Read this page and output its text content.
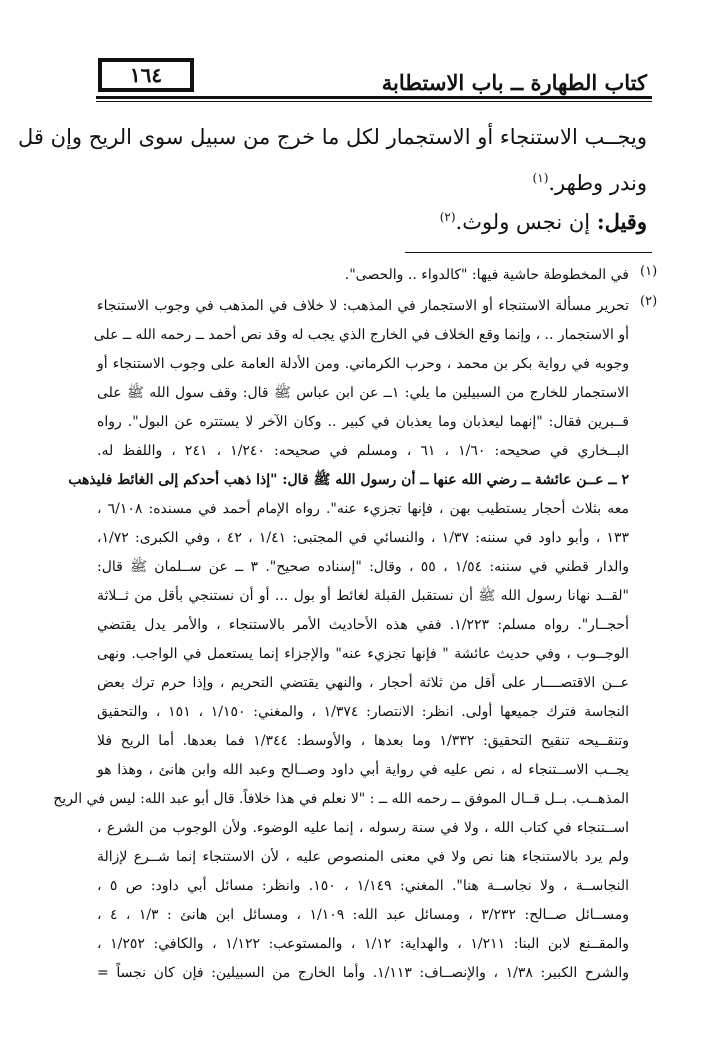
١٦٤	كتاب الطهارة ــ باب الاستطابة
ويجــب الاستنجاء أو الاستجمار لكل ما خرج من سبيل سوى الريح وإن قل
وندر وطهر.$^{(١)}$
وقيل: إن نجس ولوث.$^{(٢)}$
(١)
(٢)
في المخطوطة حاشية فيها: "كالدواء .. والحصى".
تحرير مسألة الاستنجاء أو الاستجمار في المذهب: لا خلاف في المذهب في وجوب الاستنجاء
أو الاستجمار .. ، وإنما وقع الخلاف في الخارج الذي يجب له وقد نص أحمد ــ رحمه الله ــ على
وجوبه في رواية بكر بن محمد ، وحرب الكرماني. ومن الأدلة العامة على وجوب الاستنجاء أو
الاستجمار للخارج من السبيلين ما يلي: ١ــ عن ابن عباس ﷺ قال: وقف سول الله ﷺ على
قــبرين فقال: "إنهما ليعذبان وما يعذبان في كبير .. وكان الآخر لا يستتره عن البول". رواه
البــخاري في صحيحه: ١/٦٠ ، ٦١ ، ومسلم في صحيحه: ١/٢٤٠ ، ٢٤١ ، واللفظ له.
٢ ــ عــن عائشة ــ رضي الله عنها ــ أن رسول الله ﷺ قال: "إذا ذهب أحدكم إلى الغائط فليذهب
معه بثلاث أحجار يستطيب بهن ، فإنها تجزيء عنه". رواه الإمام أحمد في مسنده: ٦/١٠٨ ،
١٣٣ ، وأبو داود في سننه: ١/٣٧ ، والنسائي في المجتبى: ١/٤١ ، ٤٢ ، وفي الكبرى: ١/٧٢،
والدار قطني في سننه: ١/٥٤ ، ٥٥ ، وقال: "إسناده صحيح". ٣ ــ عن ســلمان ﷺ قال:
"لقــد نهانا رسول الله ﷺ أن نستقبل القبلة لغائط أو بول ... أو أن نستنجي بأقل من ثــلاثة
أحجــار". رواه مسلم: ١/٢٢٣. ففي هذه الأحاديث الأمر بالاستنجاء ، والأمر يدل يقتضي
الوجــوب ، وفي حديث عائشة " فإنها تجزيء عنه" والإجزاء إنما يستعمل في الواجب. ونهى
عــن الاقتصــــار على أقل من ثلاثة أحجار ، والنهي يقتضي التحريم ، وإذا حرم ترك بعض
النجاسة فترك جميعها أولى. انظر: الانتصار: ١/٣٧٤ ، والمغني: ١/١٥٠ ، ١٥١ ، والتحقيق
وتنقــيحه تنقيح التحقيق: ١/٣٣٢ وما بعدها ، والأوسط: ١/٣٤٤ فما بعدها. أما الريح فلا
يجــب الاســتنجاء له ، نص عليه في رواية أبي داود وصــالح وعبد الله وابن هانئ ، وهذا هو
المذهــب. بــل قــال الموفق ــ رحمه الله ــ : "لا نعلم في هذا خلافاً. قال أبو عبد الله: ليس في الريح
اســتنجاء في كتاب الله ، ولا في سنة رسوله ، إنما عليه الوضوء. ولأن الوجوب من الشرع ،
ولم يرد بالاستنجاء هنا نص ولا في معنى المنصوص عليه ، لأن الاستنجاء إنما شــرع لإزالة
النجاســة ، ولا نجاســة هنا". المغني: ١/١٤٩ ، ١٥٠. وانظر: مسائل أبي داود: ص ٥ ،
ومســائل صــالح: ٣/٢٣٢ ، ومسائل عبد الله: ١/١٠٩ ، ومسائل ابن هانئ : ١/٣ ، ٤ ،
والمقــنع لابن البنا: ١/٢١١ ، والهداية: ١/١٢ ، والمستوعب: ١/١٢٢ ، والكافي: ١/٢٥٢ ،
والشرح الكبير: ١/٣٨ ، والإنصــاف: ١/١١٣. وأما الخارج من السبيلين: فإن كان نجساً =
